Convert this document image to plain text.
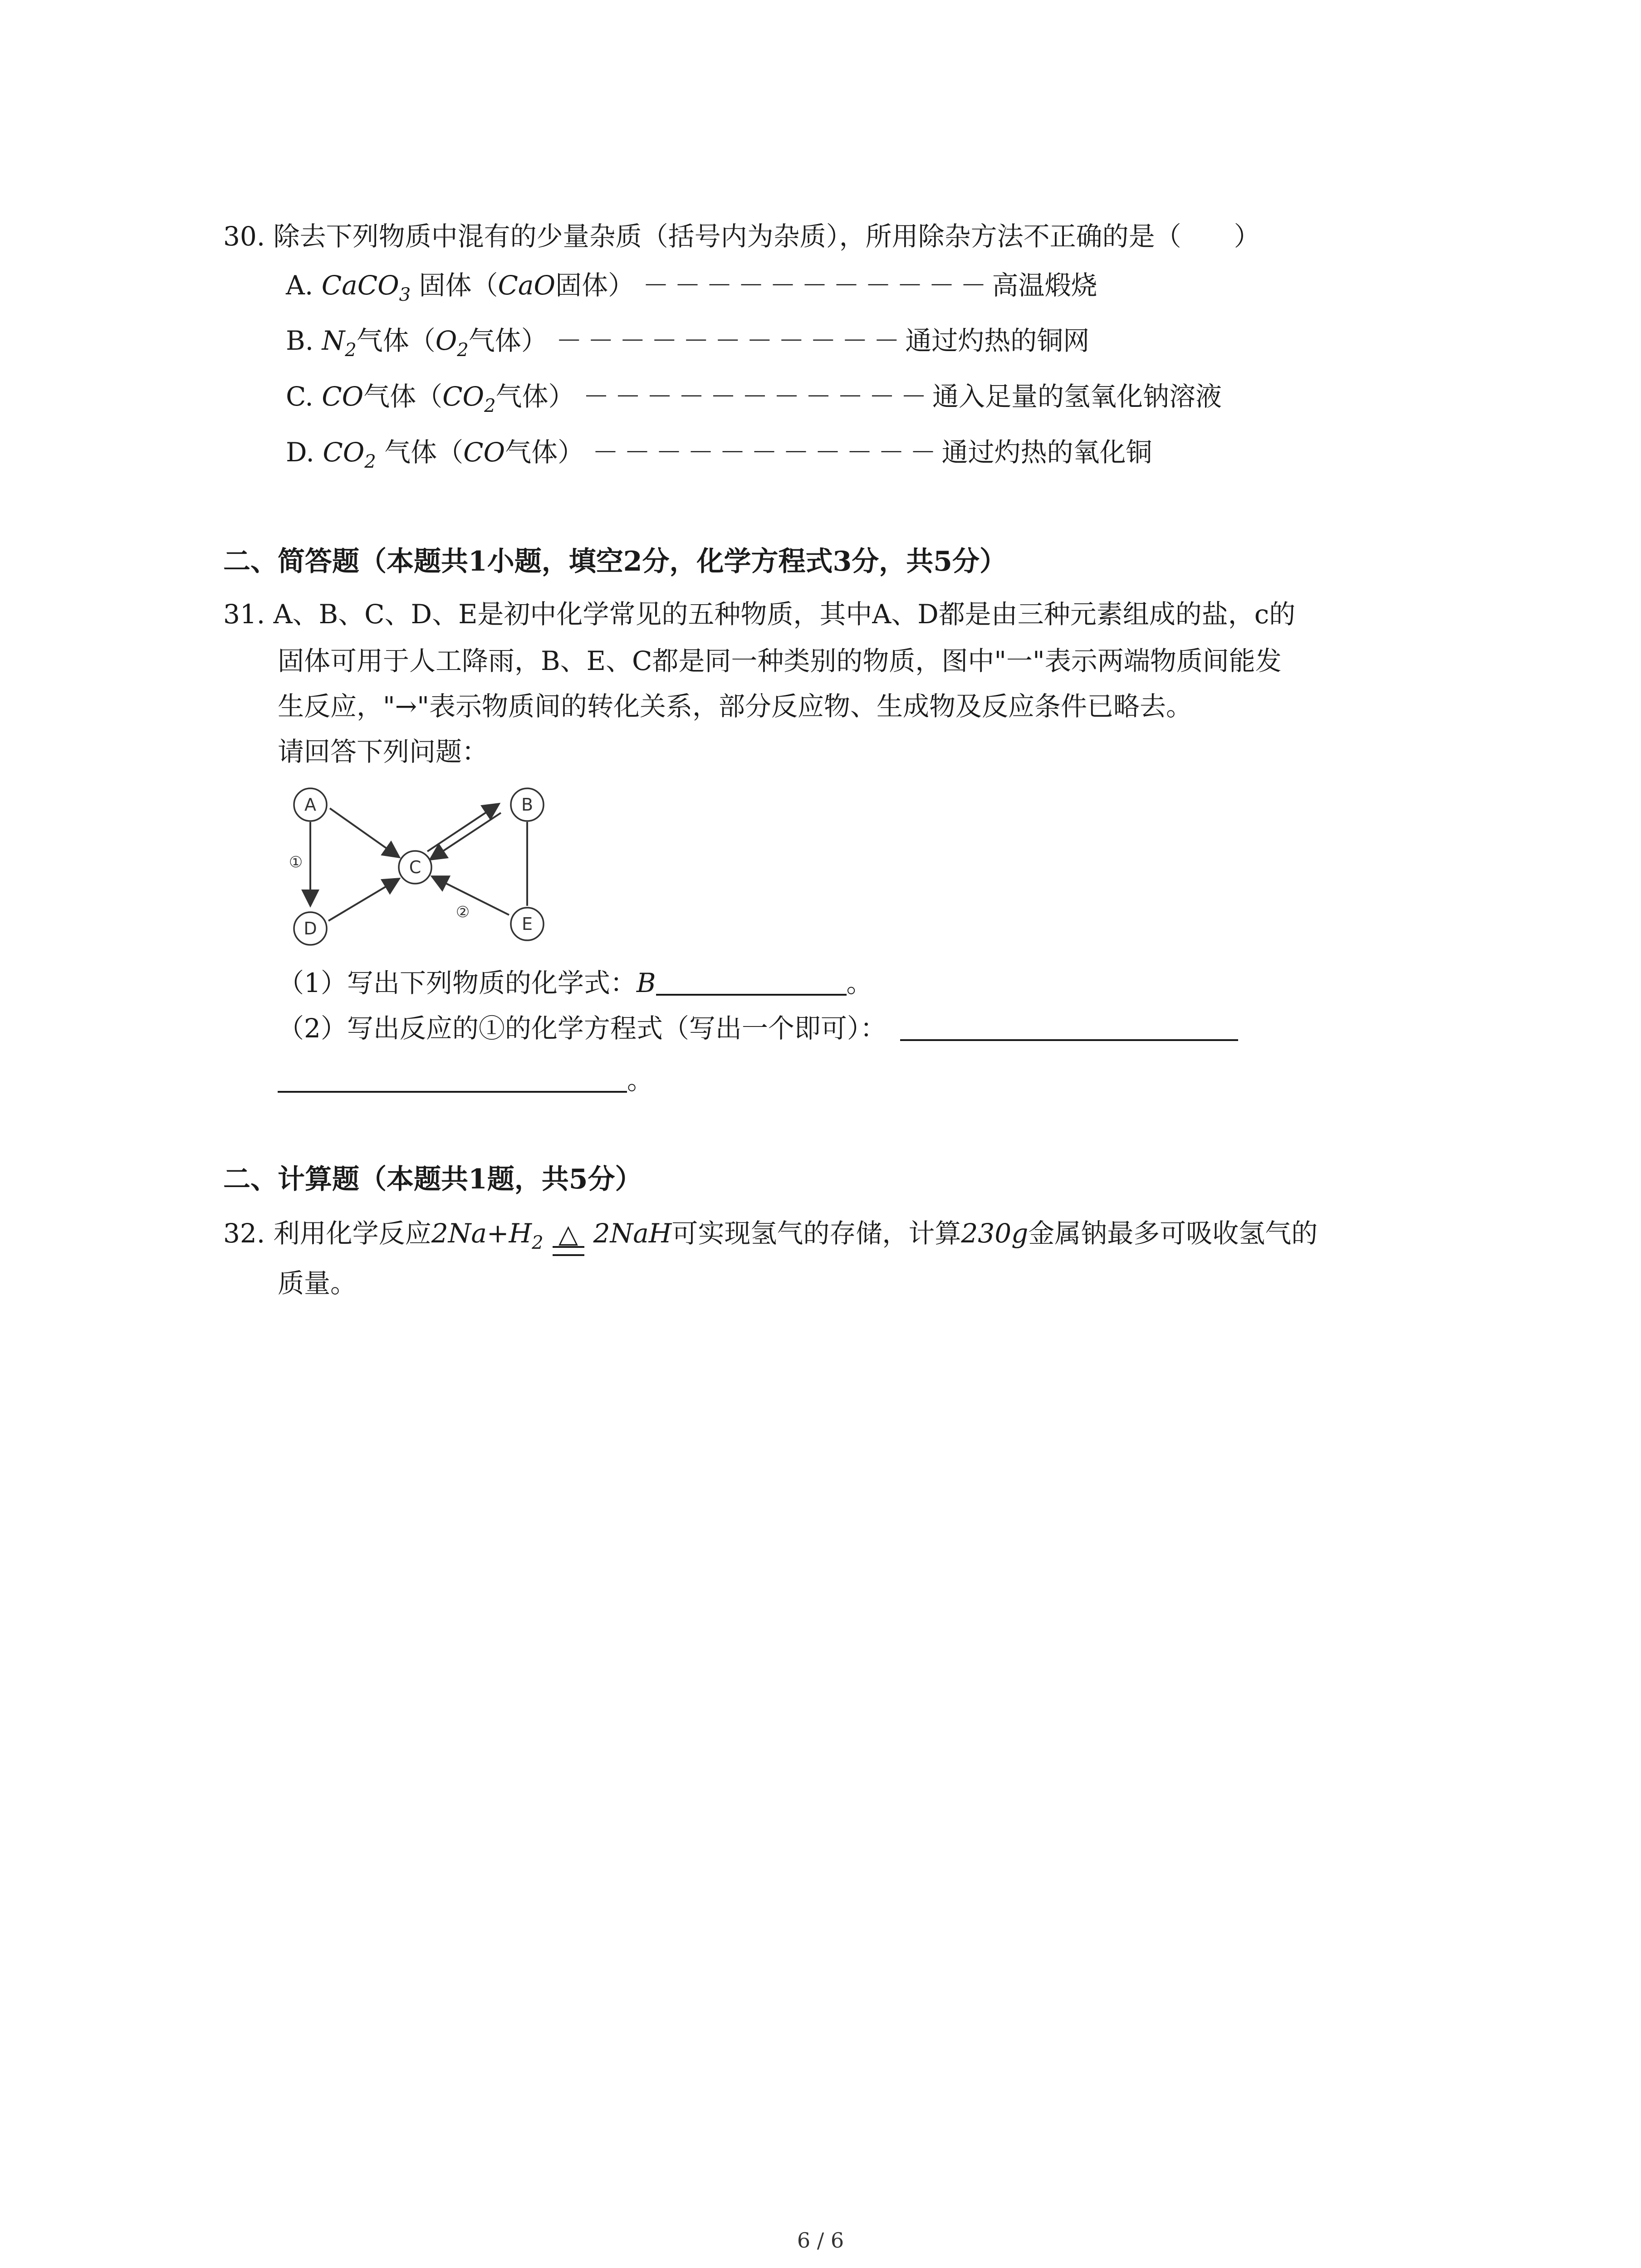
30. 除去下列物质中混有的少量杂质（括号内为杂质），所用除杂方法不正确的是（　　）
A. CaCO$_3$ 固体（CaO固体） －－－－－－－－－－－高温煅烧
B. $N_2$气体（$O_2$气体） －－－－－－－－－－－通过灼热的铜网
C. CO气体（$CO_2$气体） －－－－－－－－－－－通入足量的氢氧化钠溶液
D. $CO_2$ 气体（CO气体） －－－－－－－－－－－通过灼热的氧化铜
二、简答题（本题共1小题，填空2分，化学方程式3分，共5分）
31. A、B、C、D、E是初中化学常见的五种物质，其中A、D都是由三种元素组成的盐，c的
固体可用于人工降雨，B、E、C都是同一种类别的物质，图中"一"表示两端物质间能发
生反应，"→"表示物质间的转化关系，部分反应物、生成物及反应条件已略去。
请回答下列问题：
A	B
C
D	E
①
②
（1）写出下列物质的化学式：B	。
（2）写出反应的①的化学方程式（写出一个即可）：
。
二、计算题（本题共1题，共5分）
32. 利用化学反应$2Na+H_2$ △ 2NaH可实现氢气的存储，计算230g金属钠最多可吸收氢气的
质量。
6 / 6
